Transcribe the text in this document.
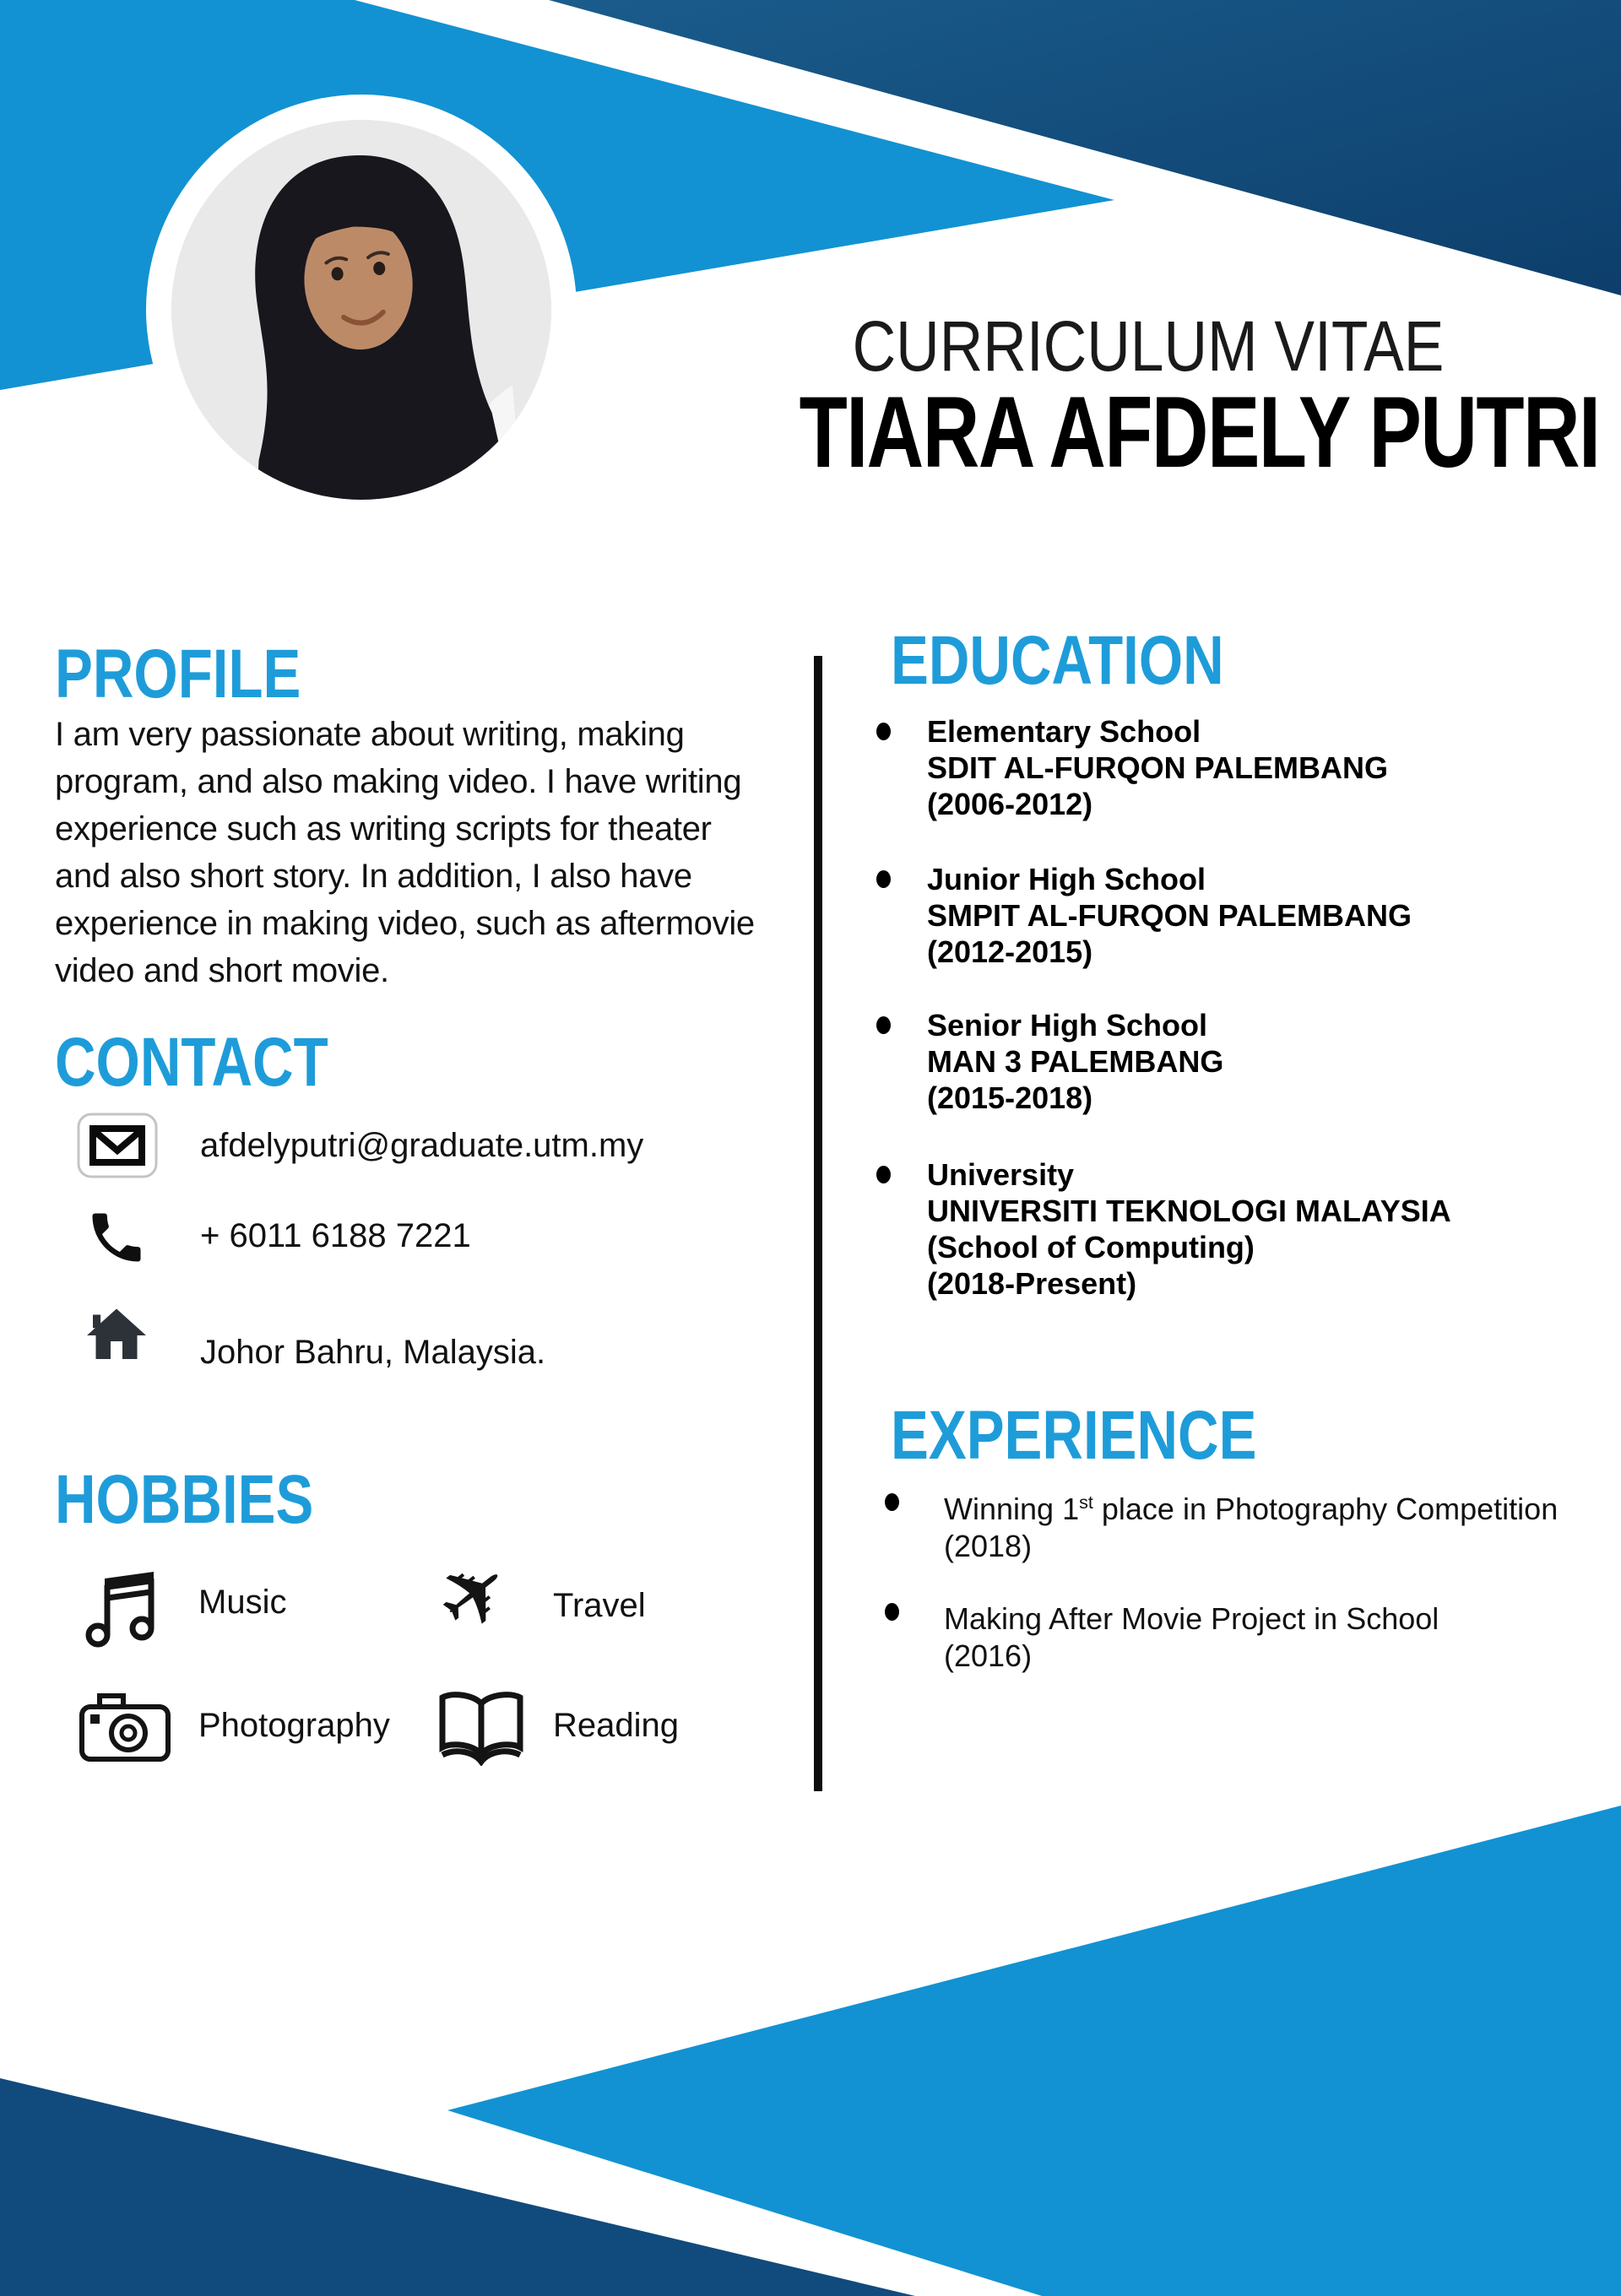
CURRICULUM VITAE
TIARA AFDELY PUTRI
PROFILE
I am very passionate about writing, making
program, and also making video. I have writing
experience such as writing scripts for theater
and also short story. In addition, I also have
experience in making video, such as aftermovie
video and short movie.
CONTACT
afdelyputri@graduate.utm.my
+ 6011 6188 7221
Johor Bahru, Malaysia.
HOBBIES
Music ✈ Travel
Photography	Reading
EDUCATION
Elementary School
SDIT AL-FURQON PALEMBANG
(2006-2012)
Junior High School
SMPIT AL-FURQON PALEMBANG
(2012-2015)
Senior High School
MAN 3 PALEMBANG
(2015-2018)
University
UNIVERSITI TEKNOLOGI MALAYSIA
(School of Computing)
(2018-Present)
EXPERIENCE
Winning 1st place in Photography Competition
(2018)
Making After Movie Project in School
(2016)
